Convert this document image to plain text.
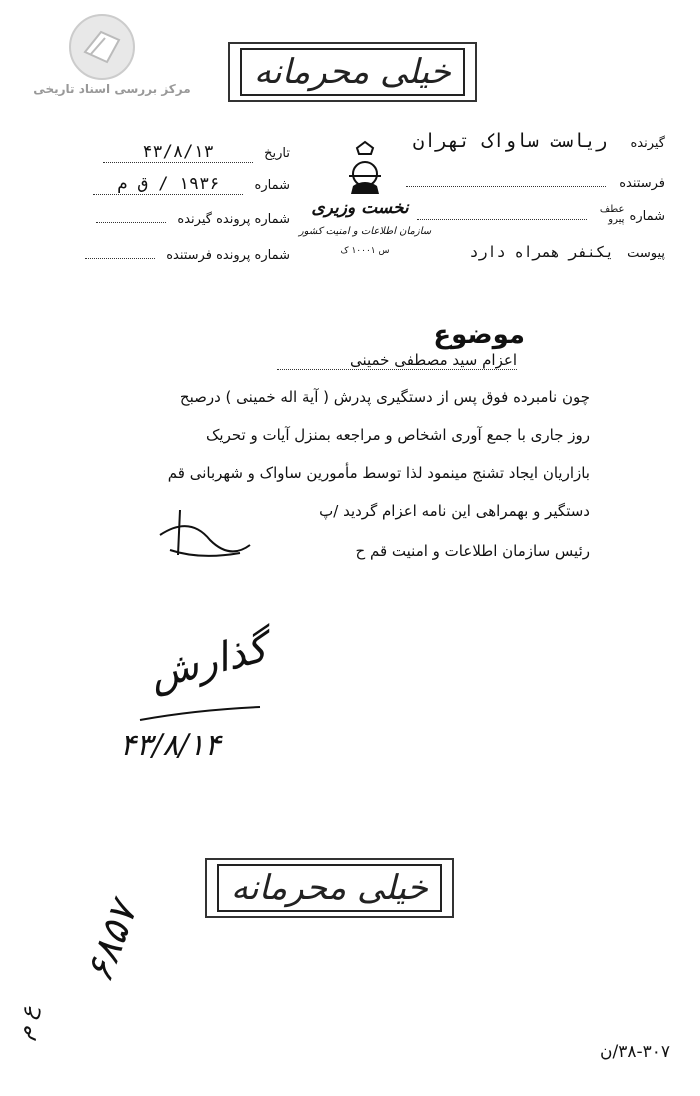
مرکز بررسی اسناد تاریخی	خیلی محرمانه
گیرنده ریاست ساواک تهران
فرستنده
شماره عطف
پیرو
پیوست یکنفر همراه دارد
نخست وزیری
سازمان اطلاعات و امنیت کشور
س ۱۰۰۰۱ ک
تاریخ ۴۳/۸/۱۳
شماره ۱۹۳۶ / ق م
شماره پرونده گیرنده
شماره پرونده فرستنده
موضوع اعزام سید مصطفی خمینی
چون نامبرده فوق پس از دستگیری پدرش ( آیة اله خمینی ) درصبح
روز جاری با جمع آوری اشخاص و مراجعه بمنزل آیات و تحریک
بازاریان ایجاد تشنج مینمود لذا توسط مأمورین ساواک و شهربانی قم
دستگیر و بهمراهی این نامه اعزام گردید /پ
رئیس سازمان اطلاعات و امنیت قم ح
گذارش
۴۳/۸/۱۴
خیلی محرمانه
۶۸۵۷
ع م
۳۸-۳۰۷/ن
